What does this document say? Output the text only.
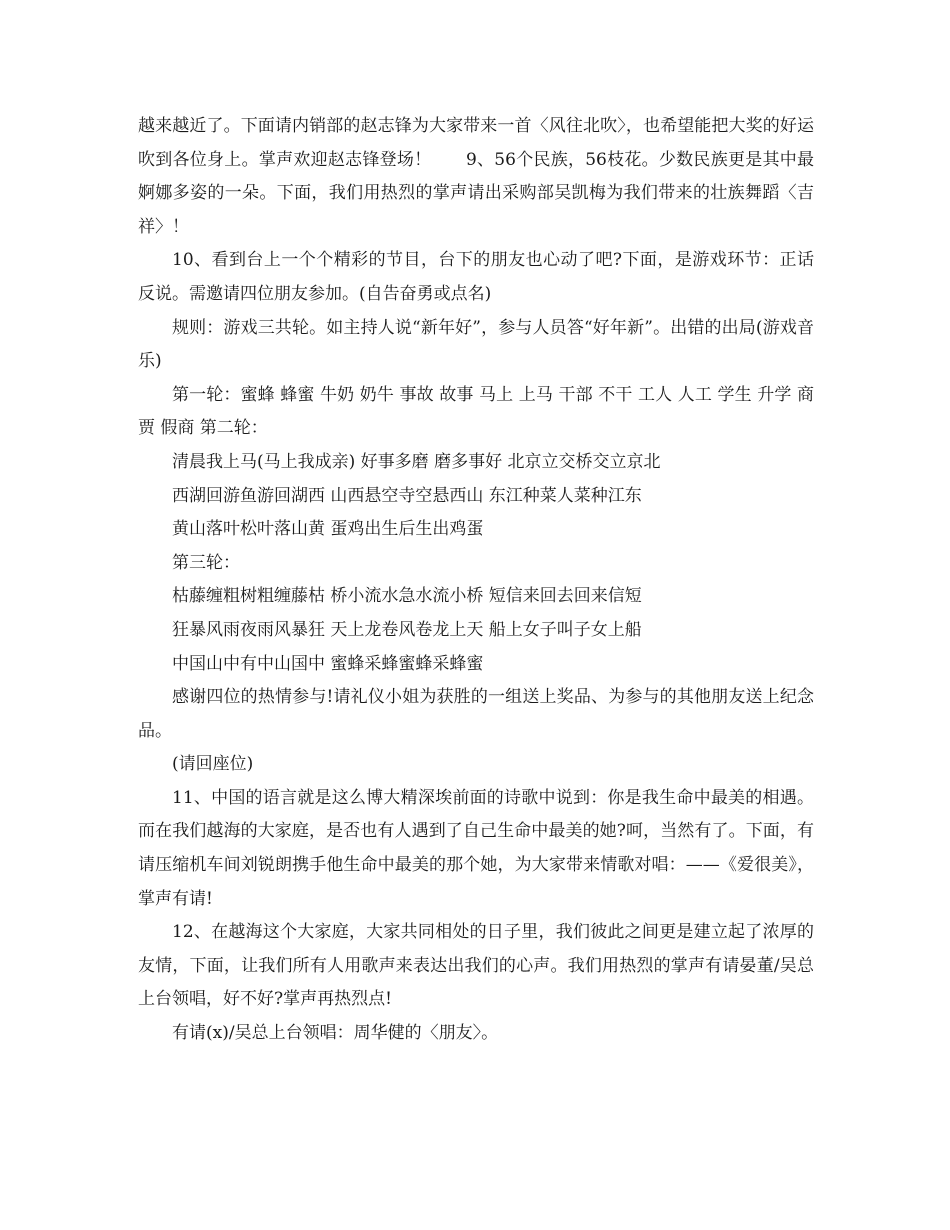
越来越近了。下面请内销部的赵志锋为大家带来一首〈风往北吹〉，也希望能把大奖的好运吹到各位身上。掌声欢迎赵志锋登场！　　9、56个民族，56枝花。少数民族更是其中最婀娜多姿的一朵。下面，我们用热烈的掌声请出采购部吴凯梅为我们带来的壮族舞蹈〈吉祥〉！

10、看到台上一个个精彩的节目，台下的朋友也心动了吧?下面，是游戏环节：正话反说。需邀请四位朋友参加。(自告奋勇或点名)

规则：游戏三共轮。如主持人说“新年好”，参与人员答“好年新”。出错的出局(游戏音乐)

第一轮：蜜蜂 蜂蜜 牛奶 奶牛 事故 故事 马上 上马 干部 不干 工人 人工 学生 升学 商贾 假商 第二轮：

清晨我上马(马上我成亲) 好事多磨 磨多事好 北京立交桥交立京北

西湖回游鱼游回湖西 山西悬空寺空悬西山 东江种菜人菜种江东

黄山落叶松叶落山黄 蛋鸡出生后生出鸡蛋

第三轮：

枯藤缠粗树粗缠藤枯 桥小流水急水流小桥 短信来回去回来信短

狂暴风雨夜雨风暴狂 天上龙卷风卷龙上天 船上女子叫子女上船

中国山中有中山国中 蜜蜂采蜂蜜蜂采蜂蜜

感谢四位的热情参与!请礼仪小姐为获胜的一组送上奖品、为参与的其他朋友送上纪念品。

(请回座位)

11、中国的语言就是这么博大精深埃前面的诗歌中说到：你是我生命中最美的相遇。而在我们越海的大家庭，是否也有人遇到了自己生命中最美的她?呵，当然有了。下面，有请压缩机车间刘锐朗携手他生命中最美的那个她，为大家带来情歌对唱：——《爱很美》，掌声有请!

12、在越海这个大家庭，大家共同相处的日子里，我们彼此之间更是建立起了浓厚的友情，下面，让我们所有人用歌声来表达出我们的心声。我们用热烈的掌声有请晏董/吴总上台领唱，好不好?掌声再热烈点!

有请(x)/吴总上台领唱：周华健的〈朋友〉。
